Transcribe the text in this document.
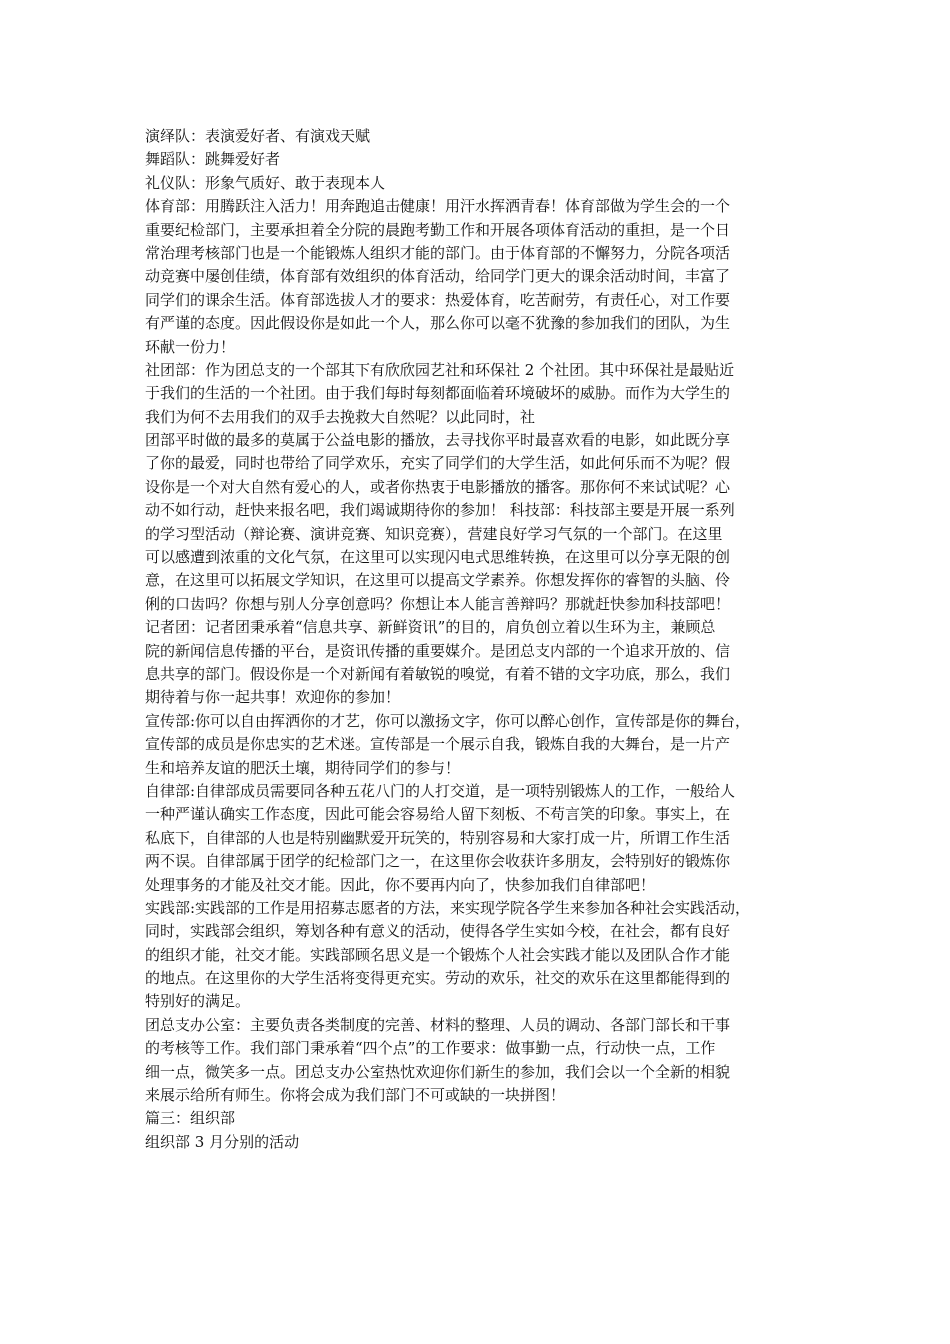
演绎队：表演爱好者、有演戏天赋
舞蹈队：跳舞爱好者
礼仪队：形象气质好、敢于表现本人
体育部：用腾跃注入活力！用奔跑追击健康！用汗水挥洒青春！体育部做为学生会的一个
重要纪检部门，主要承担着全分院的晨跑考勤工作和开展各项体育活动的重担，是一个日
常治理考核部门也是一个能锻炼人组织才能的部门。由于体育部的不懈努力，分院各项活
动竞赛中屡创佳绩，体育部有效组织的体育活动，给同学门更大的课余活动时间，丰富了
同学们的课余生活。体育部选拔人才的要求：热爱体育，吃苦耐劳，有责任心，对工作要
有严谨的态度。因此假设你是如此一个人，那么你可以毫不犹豫的参加我们的团队，为生
环献一份力！
社团部：作为团总支的一个部其下有欣欣园艺社和环保社 2 个社团。其中环保社是最贴近
于我们的生活的一个社团。由于我们每时每刻都面临着环境破坏的威胁。而作为大学生的
我们为何不去用我们的双手去挽救大自然呢？以此同时，社
团部平时做的最多的莫属于公益电影的播放，去寻找你平时最喜欢看的电影，如此既分享
了你的最爱，同时也带给了同学欢乐，充实了同学们的大学生活，如此何乐而不为呢？假
设你是一个对大自然有爱心的人，或者你热衷于电影播放的播客。那你何不来试试呢？心
动不如行动，赶快来报名吧，我们竭诚期待你的参加！ 科技部：科技部主要是开展一系列
的学习型活动（辩论赛、演讲竞赛、知识竞赛），营建良好学习气氛的一个部门。在这里
可以感遭到浓重的文化气氛，在这里可以实现闪电式思维转换，在这里可以分享无限的创
意，在这里可以拓展文学知识，在这里可以提高文学素养。你想发挥你的睿智的头脑、伶
俐的口齿吗？你想与别人分享创意吗？你想让本人能言善辩吗？那就赶快参加科技部吧！
记者团：记者团秉承着“信息共享、新鲜资讯”的目的，肩负创立着以生环为主，兼顾总
院的新闻信息传播的平台，是资讯传播的重要媒介。是团总支内部的一个追求开放的、信
息共享的部门。假设你是一个对新闻有着敏锐的嗅觉，有着不错的文字功底，那么，我们
期待着与你一起共事！欢迎你的参加！
宣传部:你可以自由挥洒你的才艺，你可以激扬文字，你可以醉心创作，宣传部是你的舞台，
宣传部的成员是你忠实的艺术迷。宣传部是一个展示自我，锻炼自我的大舞台，是一片产
生和培养友谊的肥沃土壤，期待同学们的参与！
自律部:自律部成员需要同各种五花八门的人打交道，是一项特别锻炼人的工作，一般给人
一种严谨认确实工作态度，因此可能会容易给人留下刻板、不苟言笑的印象。事实上，在
私底下，自律部的人也是特别幽默爱开玩笑的，特别容易和大家打成一片，所谓工作生活
两不误。自律部属于团学的纪检部门之一，在这里你会收获许多朋友，会特别好的锻炼你
处理事务的才能及社交才能。因此，你不要再内向了，快参加我们自律部吧！
实践部:实践部的工作是用招募志愿者的方法，来实现学院各学生来参加各种社会实践活动，
同时，实践部会组织，筹划各种有意义的活动，使得各学生实如今校，在社会，都有良好
的组织才能，社交才能。实践部顾名思义是一个锻炼个人社会实践才能以及团队合作才能
的地点。在这里你的大学生活将变得更充实。劳动的欢乐，社交的欢乐在这里都能得到的
特别好的满足。
团总支办公室：主要负责各类制度的完善、材料的整理、人员的调动、各部门部长和干事
的考核等工作。我们部门秉承着“四个点”的工作要求：做事勤一点，行动快一点，工作
细一点，微笑多一点。团总支办公室热忱欢迎你们新生的参加，我们会以一个全新的相貌
来展示给所有师生。你将会成为我们部门不可或缺的一块拼图！
篇三：组织部
组织部 3 月分别的活动
